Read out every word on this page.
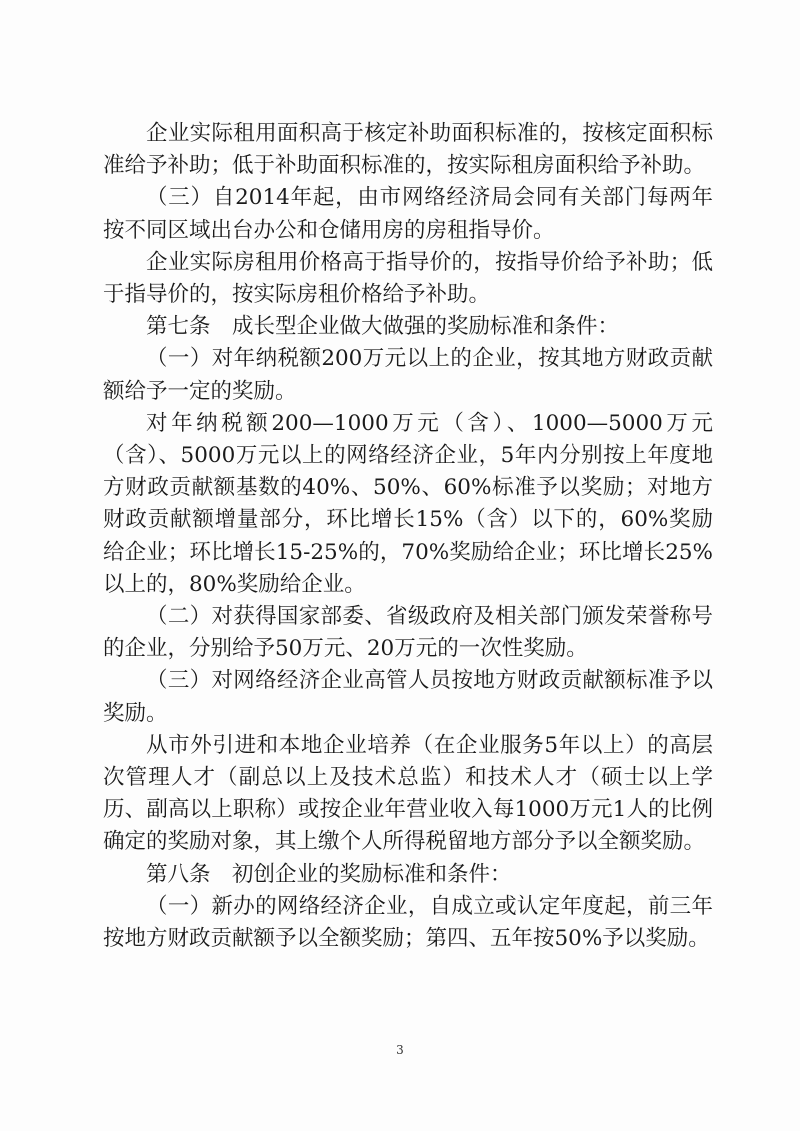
企业实际租用面积高于核定补助面积标准的，按核定面积标准给予补助；低于补助面积标准的，按实际租房面积给予补助。

（三）自2014年起，由市网络经济局会同有关部门每两年按不同区域出台办公和仓储用房的房租指导价。

企业实际房租用价格高于指导价的，按指导价给予补助；低于指导价的，按实际房租价格给予补助。

第七条　成长型企业做大做强的奖励标准和条件：

（一）对年纳税额200万元以上的企业，按其地方财政贡献额给予一定的奖励。

对年纳税额200—1000万元（含）、1000—5000万元（含）、5000万元以上的网络经济企业，5年内分别按上年度地方财政贡献额基数的40%、50%、60%标准予以奖励；对地方财政贡献额增量部分，环比增长15%（含）以下的，60%奖励给企业；环比增长15-25%的，70%奖励给企业；环比增长25%以上的，80%奖励给企业。

（二）对获得国家部委、省级政府及相关部门颁发荣誉称号的企业，分别给予50万元、20万元的一次性奖励。

（三）对网络经济企业高管人员按地方财政贡献额标准予以奖励。

从市外引进和本地企业培养（在企业服务5年以上）的高层次管理人才（副总以上及技术总监）和技术人才（硕士以上学历、副高以上职称）或按企业年营业收入每1000万元1人的比例确定的奖励对象，其上缴个人所得税留地方部分予以全额奖励。

第八条　初创企业的奖励标准和条件：

（一）新办的网络经济企业，自成立或认定年度起，前三年按地方财政贡献额予以全额奖励；第四、五年按50%予以奖励。

3
